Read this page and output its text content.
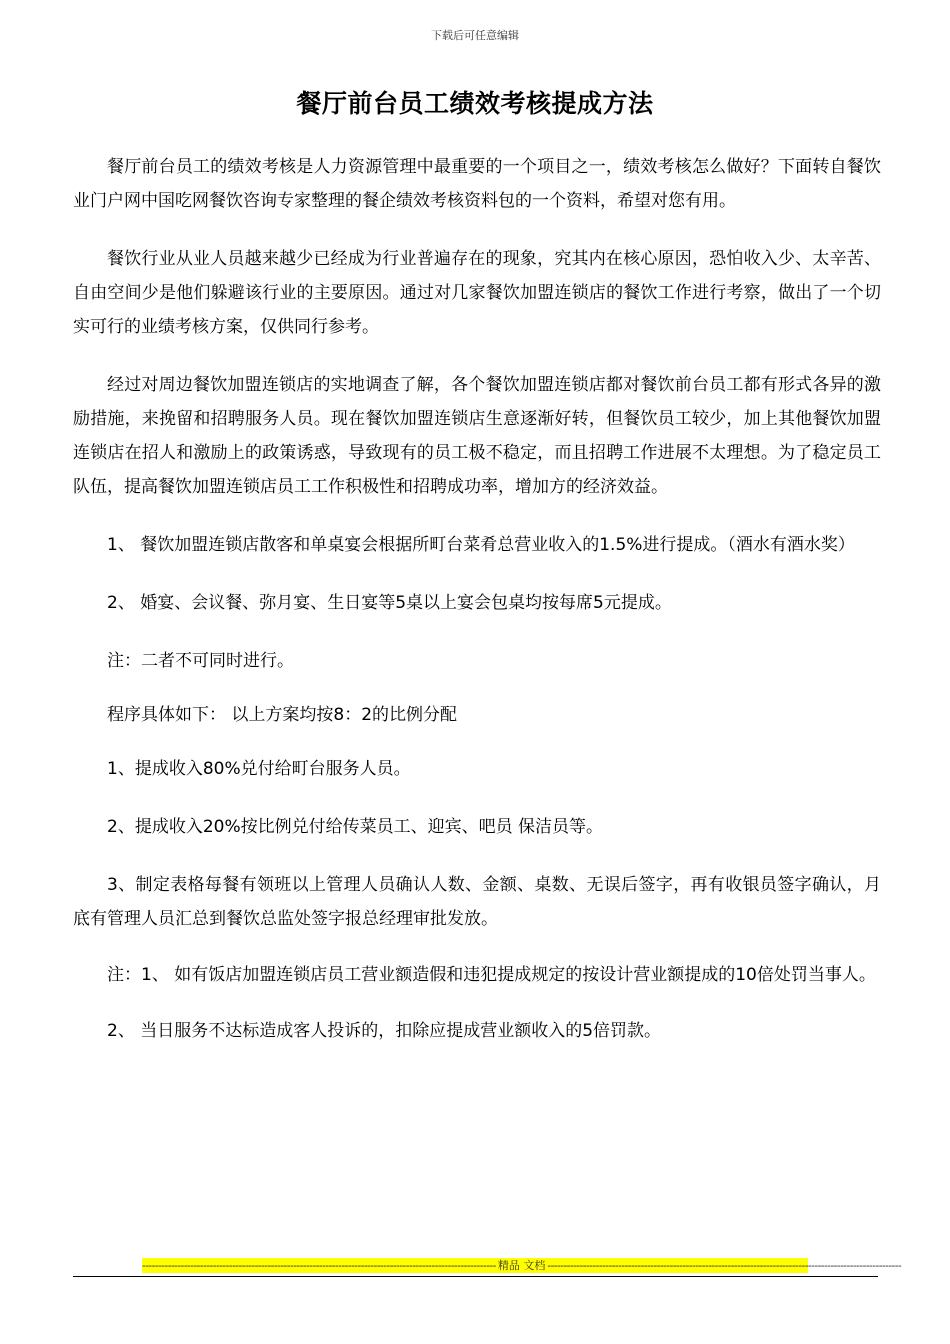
下载后可任意编辑
餐厅前台员工绩效考核提成方法

餐厅前台员工的绩效考核是人力资源管理中最重要的一个项目之一，绩效考核怎么做好？下面转自餐饮业门户网中国吃网餐饮咨询专家整理的餐企绩效考核资料包的一个资料，希望对您有用。

餐饮行业从业人员越来越少已经成为行业普遍存在的现象，究其内在核心原因，恐怕收入少、太辛苦、自由空间少是他们躲避该行业的主要原因。通过对几家餐饮加盟连锁店的餐饮工作进行考察，做出了一个切实可行的业绩考核方案，仅供同行参考。

经过对周边餐饮加盟连锁店的实地调查了解，各个餐饮加盟连锁店都对餐饮前台员工都有形式各异的激励措施，来挽留和招聘服务人员。现在餐饮加盟连锁店生意逐渐好转，但餐饮员工较少，加上其他餐饮加盟连锁店在招人和激励上的政策诱惑，导致现有的员工极不稳定，而且招聘工作进展不太理想。为了稳定员工队伍，提高餐饮加盟连锁店员工工作积极性和招聘成功率，增加方的经济效益。

1、 餐饮加盟连锁店散客和单桌宴会根据所町台菜肴总营业收入的1.5%进行提成。（酒水有酒水奖）

2、 婚宴、会议餐、弥月宴、生日宴等5桌以上宴会包桌均按每席5元提成。

注：二者不可同时进行。

程序具体如下： 以上方案均按8：2的比例分配

1、提成收入80%兑付给町台服务人员。

2、提成收入20%按比例兑付给传菜员工、迎宾、吧员 保洁员等。

3、制定表格每餐有领班以上管理人员确认人数、金额、桌数、无误后签字，再有收银员签字确认，月底有管理人员汇总到餐饮总监处签字报总经理审批发放。

注：1、 如有饭店加盟连锁店员工营业额造假和违犯提成规定的按设计营业额提成的10倍处罚当事人。

2、 当日服务不达标造成客人投诉的，扣除应提成营业额收入的5倍罚款。

-------------------------------------------------------------------------------------------------------------- 精品 文档 --------------------------------------------------------------------------------------------------------------
